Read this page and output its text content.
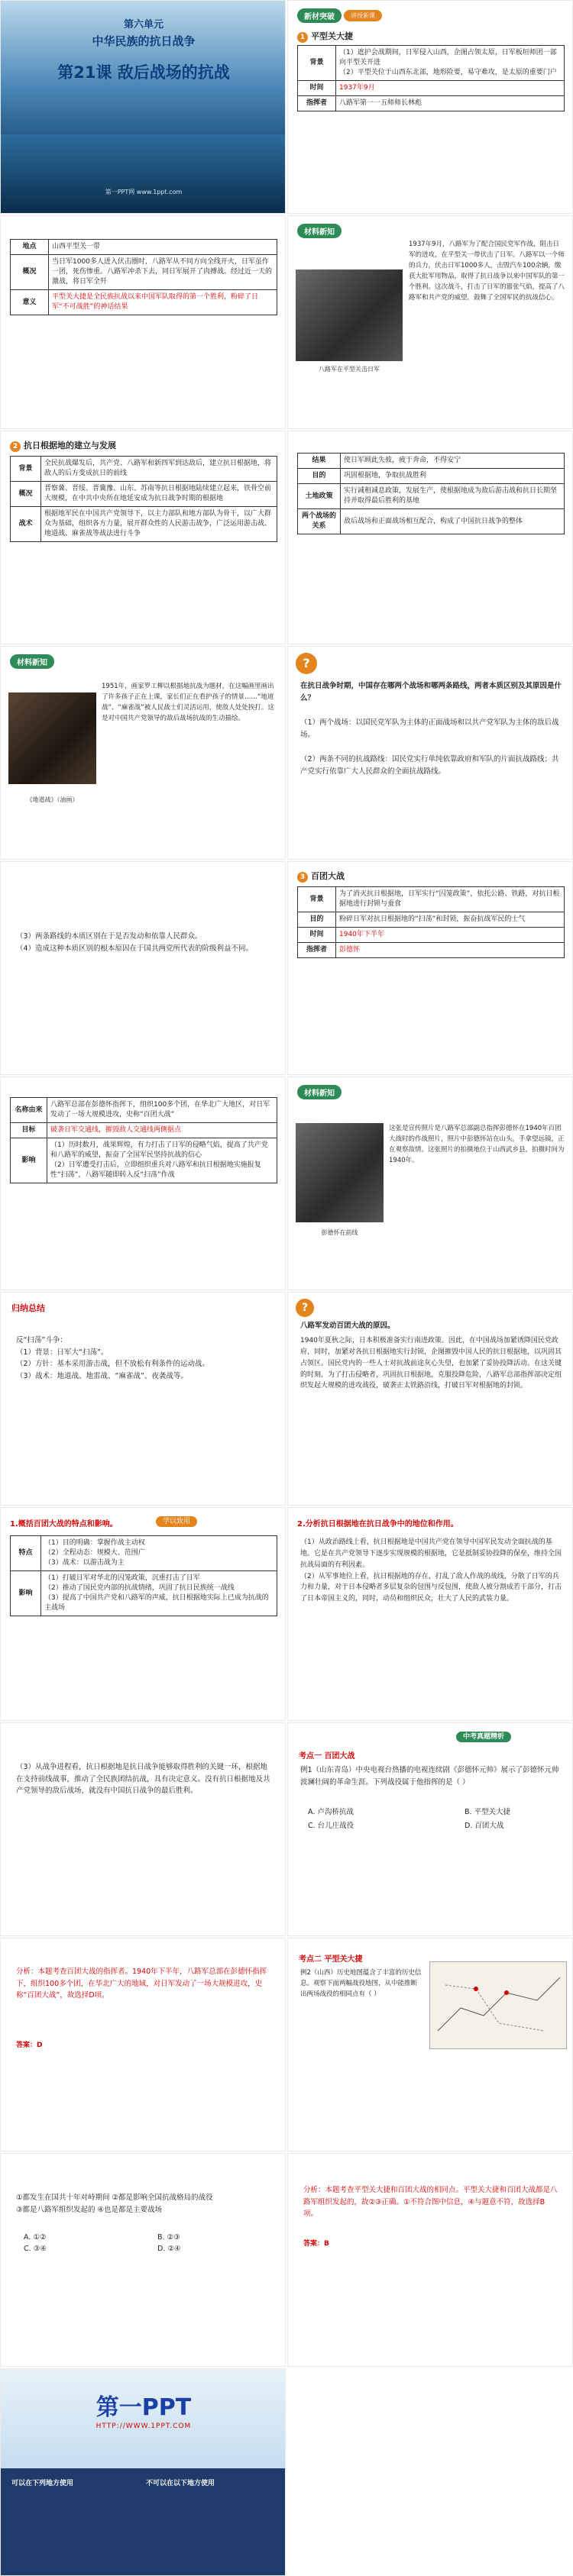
第六单元
中华民族的抗日战争
第21课 敌后战场的抗战
第一PPT网 www.1ppt.com
新材突破	讲授新课
1 平型关大捷
背景	（1）遮护会战期间，日军侵入山西，企图占领太原，日军板垣师团一部向平型关开进
（2）平型关位于山西东北部，地形险要，易守难攻，是太原的重要门户

时间	1937年9月
指挥者	八路军第一一五师师长林彪
地点	山西平型关一带
概况	当日军1000多人进入伏击圈时，八路军从不同方向全线开火，日军虽作一团，死伤惨重。八路军冲杀下去，同日军展开了肉搏战。经过近一天的激战，将日军全歼
意义	平型关大捷是全民族抗战以来中国军队取得的第一个胜利，粉碎了日军“不可战胜”的神话结果
材料新知
八路军在平型关击日军

1937年9月，八路军为了配合国民党军作战，阻击日军的进攻，在平型关一带伏击了日军。八路军以一个师的兵力，伏击日军1000多人，击毁汽车100余辆，缴获大批军用物品，取得了抗日战争以来中国军队的第一个胜利。这次战斗，打击了日军的嚣张气焰，提高了八路军和共产党的威望，鼓舞了全国军民的抗战信心。

2 抗日根据地的建立与发展
背景	全民抗战爆发后，共产党、八路军和新四军到达敌后，建立抗日根据地，将敌人的后方变成抗日的前线
概况	晋察冀、晋绥、晋冀豫、山东、苏南等抗日根据地陆续建立起来，铁骨空前大规模，在中共中央所在地延安成为抗日战争时期的根据地
战术	根据地军民在中国共产党领导下，以主力部队和地方部队为骨干，以广大群众为基础，组织各方力量，展开群众性的人民游击战争，广泛运用游击战、地道战、麻雀战等战法进行斗争
结果	使日军顾此失彼，疲于奔命，不得安宁
目的	巩固根据地，争取抗战胜利
土地政策	实行减租减息政策，发展生产，使根据地成为敌后游击战和抗日长期坚持并取得最后胜利的基地
两个战场的关系	敌后战场和正面战场相互配合，构成了中国抗日战争的整体
材料新知
《地道战》（油画）

1951年，画家罗工柳以根据地抗战为题材，在这幅画里画出了许多孩子正在上课，家长们正在看护孩子的情景……“地道战”、“麻雀战”被人民战士们灵活运用，使敌人处处挨打。这是对中国共产党领导的敌后战场抗战的生动描绘。

?

在抗日战争时期，中国存在哪两个战场和哪两条路线，两者本质区别及其原因是什么？

（1）两个战场：以国民党军队为主体的正面战场和以共产党军队为主体的敌后战场。

（2）两条不同的抗战路线：国民党实行单纯依靠政府和军队的片面抗战路线；共产党实行依靠广大人民群众的全面抗战路线。

（3）两条路线的本质区别在于是否发动和依靠人民群众。
（4）造成这种本质区别的根本原因在于国共两党所代表的阶级利益不同。

3 百团大战
背景	为了消灭抗日根据地，日军实行“囚笼政策”，依托公路、铁路，对抗日根据地进行封锁与蚕食
目的	粉碎日军对抗日根据地的“扫荡”和封锁，振奋抗战军民的士气
时间	1940年下半年
指挥者	彭德怀
名称由来	八路军总部在彭德怀指挥下，组织100多个团，在华北广大地区，对日军发动了一场大规模进攻，史称“百团大战”
目标	破袭日军交通线，摧毁敌人交通线两侧据点
影响	（1）历时数月，战果辉煌，有力打击了日军的侵略气焰，提高了共产党和八路军的威望，振奋了全国军民坚持抗战的信心
（2）日军遭受打击后，立即组织重兵对八路军和抗日根据地实施报复性“扫荡”，八路军随即转入反“扫荡”作战
材料新知
彭德怀在前线

这张是宣传照片是八路军总部副总指挥彭德怀在1940年百团大战时的作战照片，照片中彭德怀站在山头，手拿望远镜，正在观察敌情。这张照片的拍摄地位于山西武乡县，拍摄时间为1940年。

归纳总结

反“扫荡”斗争：

（1）背景：日军大“扫荡”。

（2）方针：基本采用游击战，但不放松有利条件的运动战。

（3）战术：地道战、地雷战、“麻雀战”、夜袭战等。

?

八路军发动百团大战的原因。

1940年夏秋之际，日本积极准备实行南进政策。因此，在中国战场加紧诱降国民党政府，同时，加紧对各抗日根据地实行封锁，企图摧毁中国人民的抗日根据地，以巩固其占领区。国民党内的一些人士对抗战前途灰心失望，也加紧了妥协投降活动。在这关键的时刻，为了打击侵略者，巩固抗日根据地，克服投降危险，八路军总部指挥部决定组织发起大规模的进攻战役，破袭正太铁路沿线，打破日军对根据地的封锁。

1.概括百团大战的特点和影响。	学以致用
特点	（1）目的明确：掌握作战主动权
（2）全程动态：规模大、范围广
（3）战术：以游击战为主
影响	（1）打破日军对华北的囚笼政策，沉重打击了日军
（2）推动了国民党内部的抗战情绪，巩固了抗日民族统一战线
（3）提高了中国共产党和八路军的声威，抗日根据地实际上已成为抗战的主战场
2.分析抗日根据地在抗日战争中的地位和作用。

（1）从政治路线上看，抗日根据地是中国共产党在领导中国军民发动全面抗战的基地。它是在共产党领导下逐步实现规模的根据地，它是抵制妥协投降的保垒，维持全国抗战局面的有利因素。
（2）从军事地位上看，抗日根据地的存在，打乱了敌人作战的战线，分散了日军的兵力和力量，对于日本侵略者多层复杂的包围与反包围，使敌人被分割成若干部分，打击了日本帝国主义的，同时，动员和组织民众，壮大了人民的武装力量。

（3）从战争进程看，抗日根据地是抗日战争能够取得胜利的关键一环，根据地在支持前线战事，推动了全民族团结抗战，具有决定意义。没有抗日根据地及共产党领导的敌后战场，就没有中国抗日战争的最后胜利。

中考真题精析
考点一 百团大战

例1（山东青岛）中央电视台热播的电视连续剧《彭德怀元帅》展示了彭德怀元帅波澜壮阔的革命生涯。下列战役属于他指挥的是（ ）

A. 卢沟桥抗战	B. 平型关大捷
C. 台儿庄战役	D. 百团大战

分析：本题考查百团大战的指挥者。1940年下半年，八路军总部在彭德怀指挥下，组织100多个团，在华北广大的地域，对日军发动了一场大规模进攻，史称“百团大战”，故选择D项。

答案：D
考点二 平型关大捷

例2（山西）历史地图蕴含了丰富的历史信息。观察下面两幅战役地图，从中能推断出两场战役的相同点有（ ）

①都发生在国共十年对峙期间 ②都是影响全国抗战格局的战役

③都是八路军组织发起的 ④也是都是主要战场

A. ①②	B. ②③
C. ③④	D. ②④

分析：本题考查平型关大捷和百团大战的相同点。平型关大捷和百团大战都是八路军组织发起的，故②③正确。①不符合图中信息，④与题意不符，故选择B项。

答案：B
第一PPT
HTTP://WWW.1PPT.COM
可以在下列地方使用	不可以在以下地方使用
